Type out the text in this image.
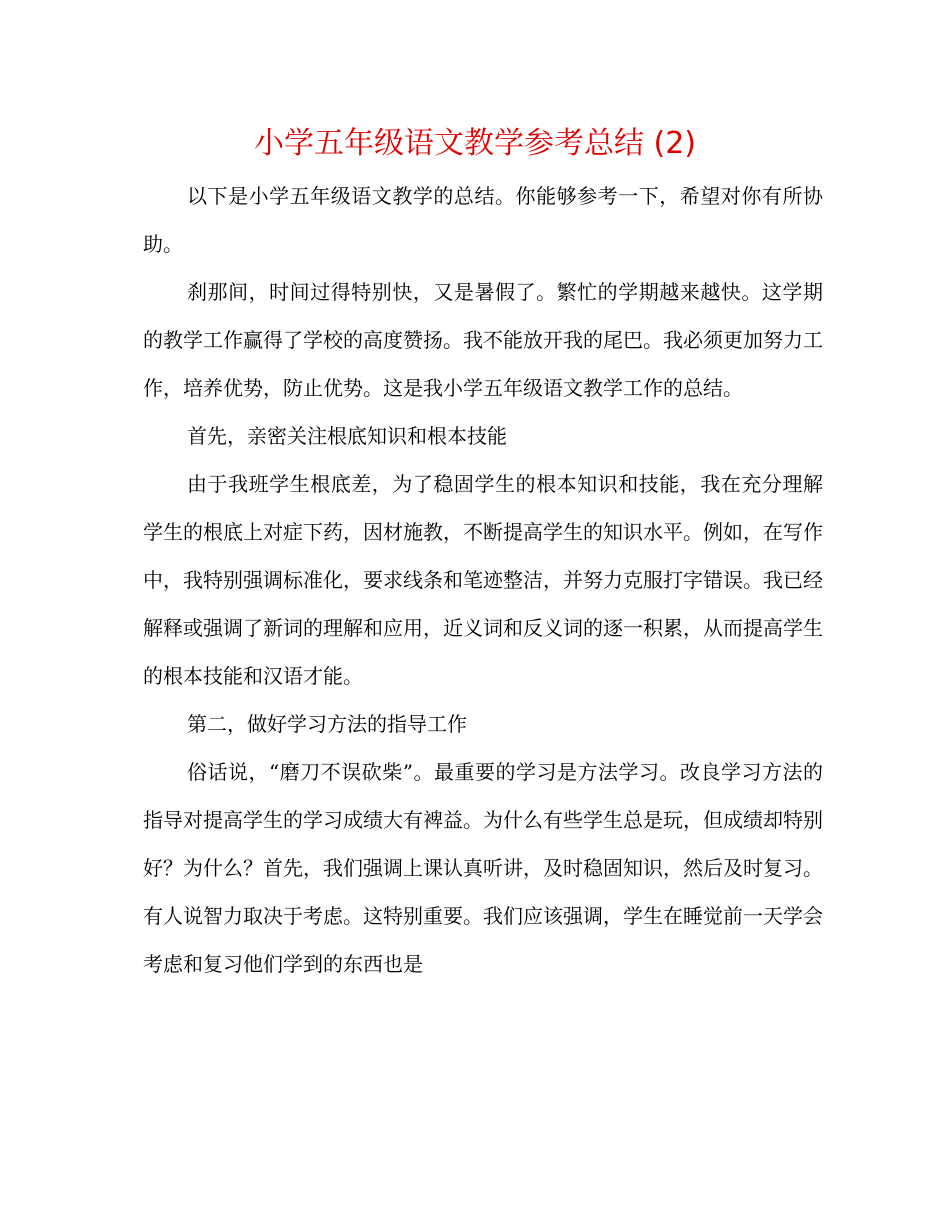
小学五年级语文教学参考总结 (2)

以下是小学五年级语文教学的总结。你能够参考一下，希望对你有所协助。

刹那间，时间过得特别快，又是暑假了。繁忙的学期越来越快。这学期的教学工作赢得了学校的高度赞扬。我不能放开我的尾巴。我必须更加努力工作，培养优势，防止优势。这是我小学五年级语文教学工作的总结。

首先，亲密关注根底知识和根本技能

由于我班学生根底差，为了稳固学生的根本知识和技能，我在充分理解学生的根底上对症下药，因材施教，不断提高学生的知识水平。例如，在写作中，我特别强调标准化，要求线条和笔迹整洁，并努力克服打字错误。我已经解释或强调了新词的理解和应用，近义词和反义词的逐一积累，从而提高学生的根本技能和汉语才能。

第二，做好学习方法的指导工作

俗话说，“磨刀不误砍柴”。最重要的学习是方法学习。改良学习方法的指导对提高学生的学习成绩大有裨益。为什么有些学生总是玩，但成绩却特别好？为什么？首先，我们强调上课认真听讲，及时稳固知识，然后及时复习。有人说智力取决于考虑。这特别重要。我们应该强调，学生在睡觉前一天学会考虑和复习他们学到的东西也是
